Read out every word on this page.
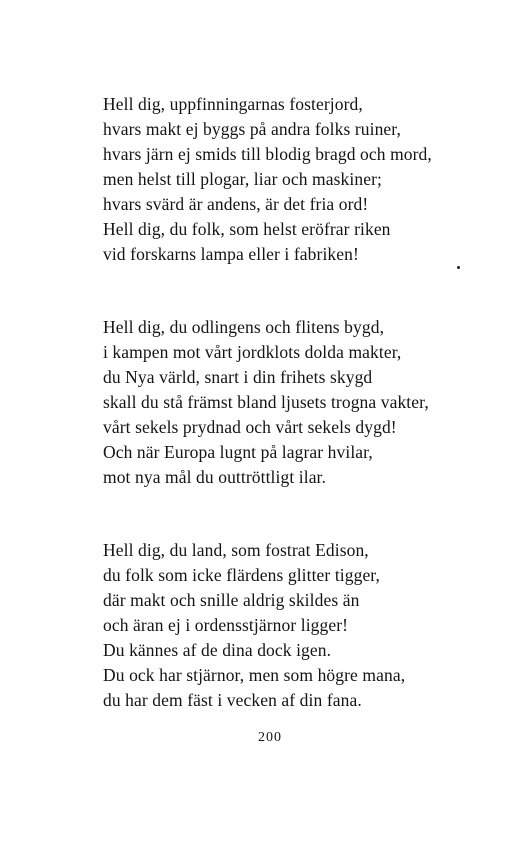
Hell dig, uppfinningarnas fosterjord,
hvars makt ej byggs på andra folks ruiner,
hvars järn ej smids till blodig bragd och mord,
men helst till plogar, liar och maskiner;
hvars svärd är andens, är det fria ord!
Hell dig, du folk, som helst eröfrar riken
vid forskarns lampa eller i fabriken!
Hell dig, du odlingens och flitens bygd,
i kampen mot vårt jordklots dolda makter,
du Nya värld, snart i din frihets skygd
skall du stå främst bland ljusets trogna vakter,
vårt sekels prydnad och vårt sekels dygd!
Och när Europa lugnt på lagrar hvilar,
mot nya mål du outtröttligt ilar.
Hell dig, du land, som fostrat Edison,
du folk som icke flärdens glitter tigger,
där makt och snille aldrig skildes än
och äran ej i ordensstjärnor ligger!
Du kännes af de dina dock igen.
Du ock har stjärnor, men som högre mana,
du har dem fäst i vecken af din fana.
200
